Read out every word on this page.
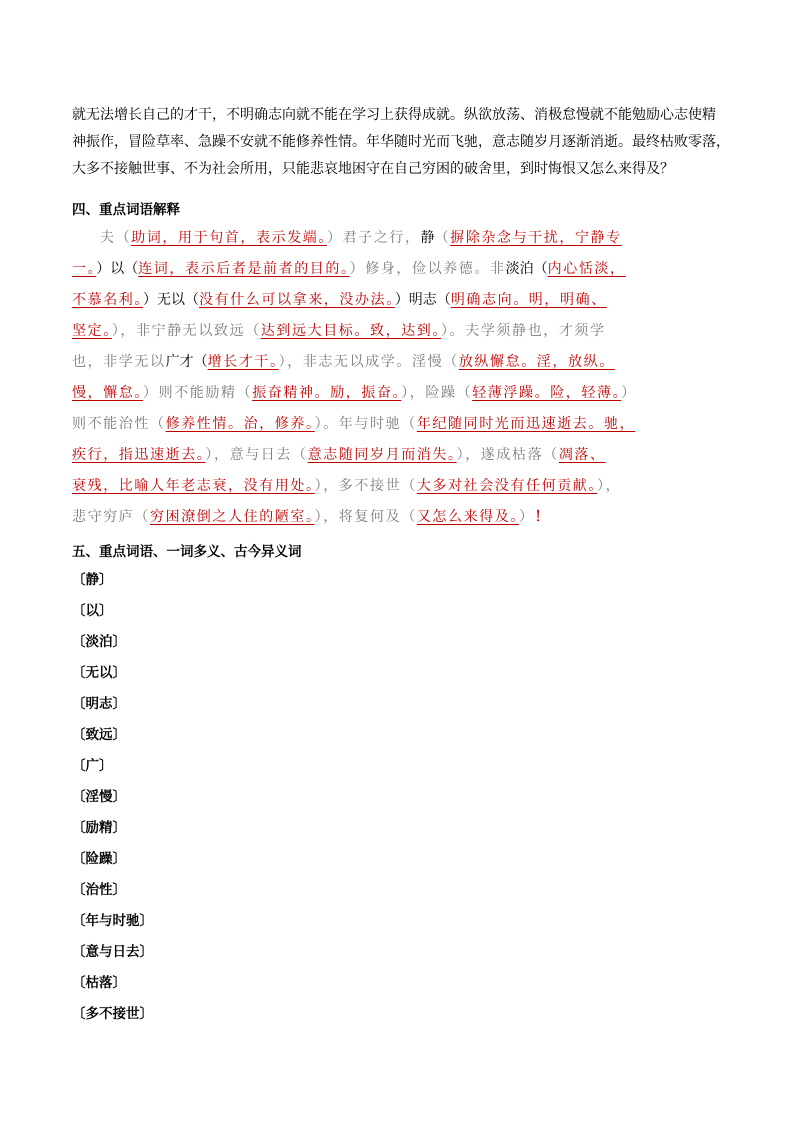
就无法增长自己的才干，不明确志向就不能在学习上获得成就。纵欲放荡、消极怠慢就不能勉励心志使精
神振作，冒险草率、急躁不安就不能修养性情。年华随时光而飞驰，意志随岁月逐渐消逝。最终枯败零落，
大多不接触世事、不为社会所用，只能悲哀地困守在自己穷困的破舍里，到时悔恨又怎么来得及？
四、重点词语解释
夫（助词，用于句首，表示发端。）君子之行，静（摒除杂念与干扰，宁静专
一。）以（连词，表示后者是前者的目的。）修身，俭以养德。非淡泊（内心恬淡，
不慕名利。）无以（没有什么可以拿来，没办法。）明志（明确志向。明，明确、
坚定。），非宁静无以致远（达到远大目标。致，达到。）。夫学须静也，才须学
也，非学无以广才（增长才干。），非志无以成学。淫慢（放纵懈怠。淫，放纵。
慢，懈怠。）则不能励精（振奋精神。励，振奋。），险躁（轻薄浮躁。险，轻薄。）
则不能治性（修养性情。治，修养。）。年与时驰（年纪随同时光而迅速逝去。驰，
疾行，指迅速逝去。），意与日去（意志随同岁月而消失。），遂成枯落（凋落、
衰残，比喻人年老志衰，没有用处。），多不接世（大多对社会没有任何贡献。），
悲守穷庐（穷困潦倒之人住的陋室。），将复何及（又怎么来得及。）！
五、重点词语、一词多义、古今异义词
〔静〕
〔以〕
〔淡泊〕
〔无以〕
〔明志〕
〔致远〕
〔广〕
〔淫慢〕
〔励精〕
〔险躁〕
〔治性〕
〔年与时驰〕
〔意与日去〕
〔枯落〕
〔多不接世〕
